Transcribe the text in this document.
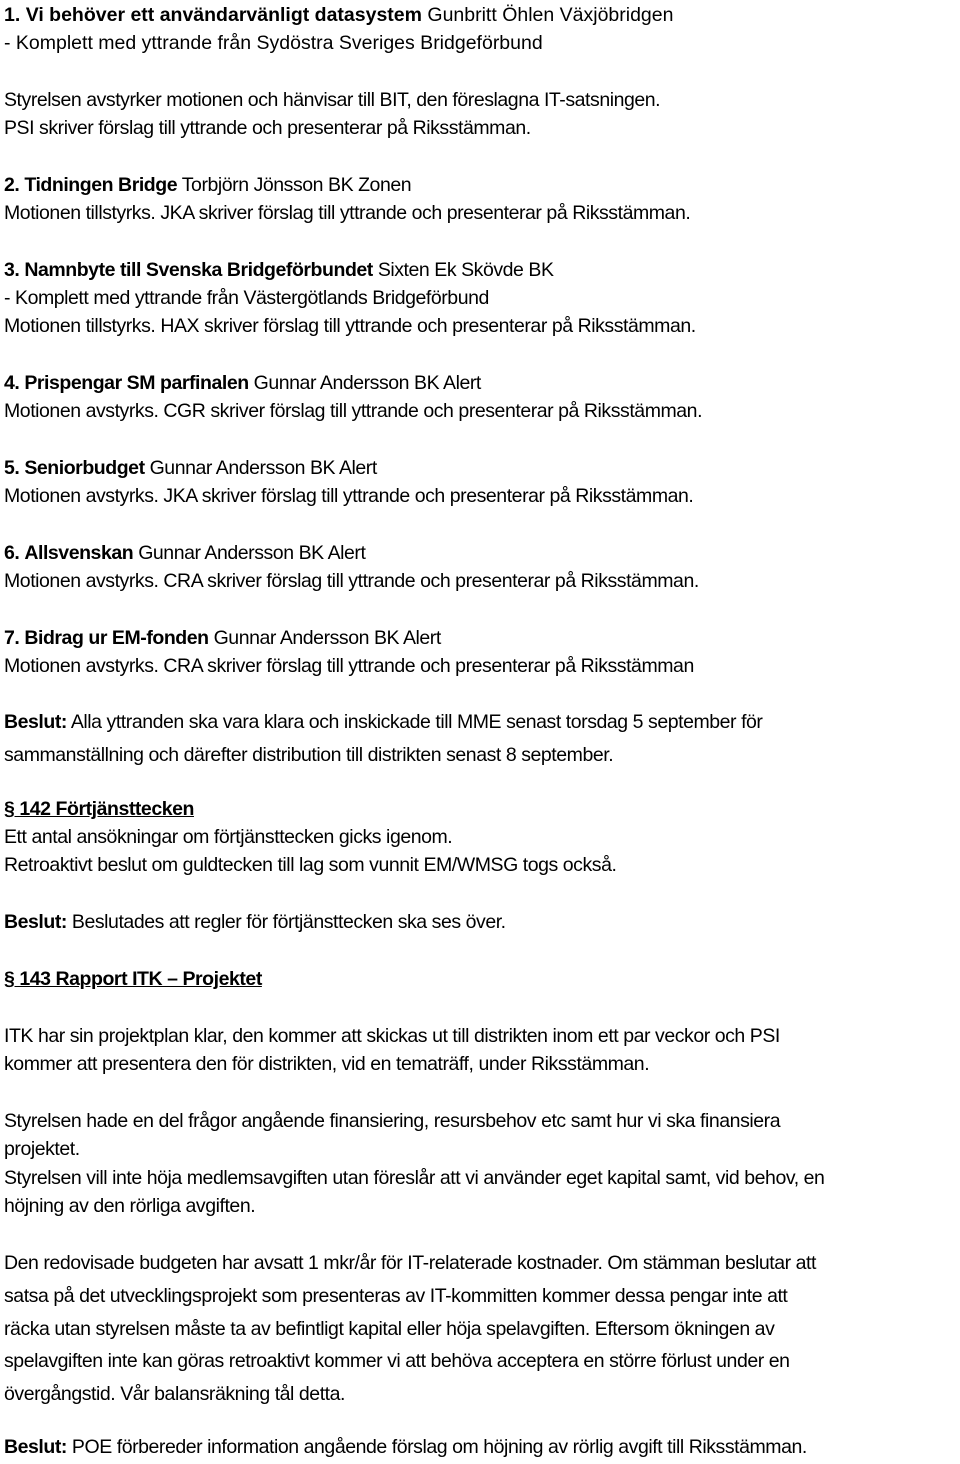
1. Vi behöver ett användarvänligt datasystem Gunbritt Öhlen Växjöbridgen

- Komplett med yttrande från Sydöstra Sveriges Bridgeförbund

Styrelsen avstyrker motionen och hänvisar till BIT, den föreslagna IT-satsningen.

PSI skriver förslag till yttrande och presenterar på Riksstämman.

2. Tidningen Bridge Torbjörn Jönsson BK Zonen

Motionen tillstyrks. JKA skriver förslag till yttrande och presenterar på Riksstämman.

3. Namnbyte till Svenska Bridgeförbundet Sixten Ek Skövde BK

- Komplett med yttrande från Västergötlands Bridgeförbund

Motionen tillstyrks. HAX skriver förslag till yttrande och presenterar på Riksstämman.

4. Prispengar SM parfinalen Gunnar Andersson BK Alert

Motionen avstyrks. CGR skriver förslag till yttrande och presenterar på Riksstämman.

5. Seniorbudget Gunnar Andersson BK Alert

Motionen avstyrks. JKA skriver förslag till yttrande och presenterar på Riksstämman.

6. Allsvenskan Gunnar Andersson BK Alert

Motionen avstyrks. CRA skriver förslag till yttrande och presenterar på Riksstämman.

7. Bidrag ur EM-fonden Gunnar Andersson BK Alert

Motionen avstyrks. CRA skriver förslag till yttrande och presenterar på Riksstämman

Beslut: Alla yttranden ska vara klara och inskickade till MME senast torsdag 5 september för

sammanställning och därefter distribution till distrikten senast 8 september.

§ 142 Förtjänsttecken

Ett antal ansökningar om förtjänsttecken gicks igenom.

Retroaktivt beslut om guldtecken till lag som vunnit EM/WMSG togs också.

Beslut: Beslutades att regler för förtjänsttecken ska ses över.

§ 143 Rapport ITK – Projektet

ITK har sin projektplan klar, den kommer att skickas ut till distrikten inom ett par veckor och PSI

kommer att presentera den för distrikten, vid en tematräff, under Riksstämman.

Styrelsen hade en del frågor angående finansiering, resursbehov etc samt hur vi ska finansiera

projektet.

Styrelsen vill inte höja medlemsavgiften utan föreslår att vi använder eget kapital samt, vid behov, en

höjning av den rörliga avgiften.

Den redovisade budgeten har avsatt 1 mkr/år för IT-relaterade kostnader. Om stämman beslutar att

satsa på det utvecklingsprojekt som presenteras av IT-kommitten kommer dessa pengar inte att

räcka utan styrelsen måste ta av befintligt kapital eller höja spelavgiften. Eftersom ökningen av

spelavgiften inte kan göras retroaktivt kommer vi att behöva acceptera en större förlust under en

övergångstid. Vår balansräkning tål detta.

Beslut: POE förbereder information angående förslag om höjning av rörlig avgift till Riksstämman.
